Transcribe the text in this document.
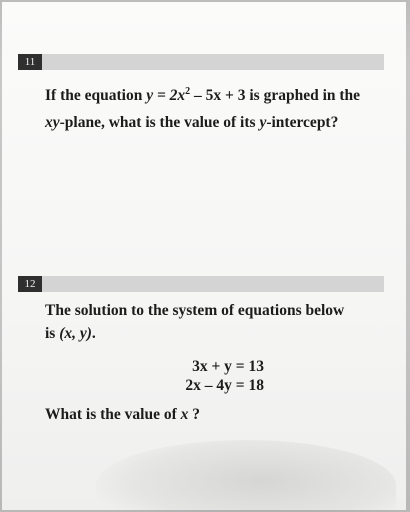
11
If the equation $y = 2x^2 - 5x + 3$ is graphed in the
xy-plane, what is the value of its y-intercept?
12
The solution to the system of equations below
is (x, y).
3x + y = 13
2x – 4y = 18
What is the value of x ?
